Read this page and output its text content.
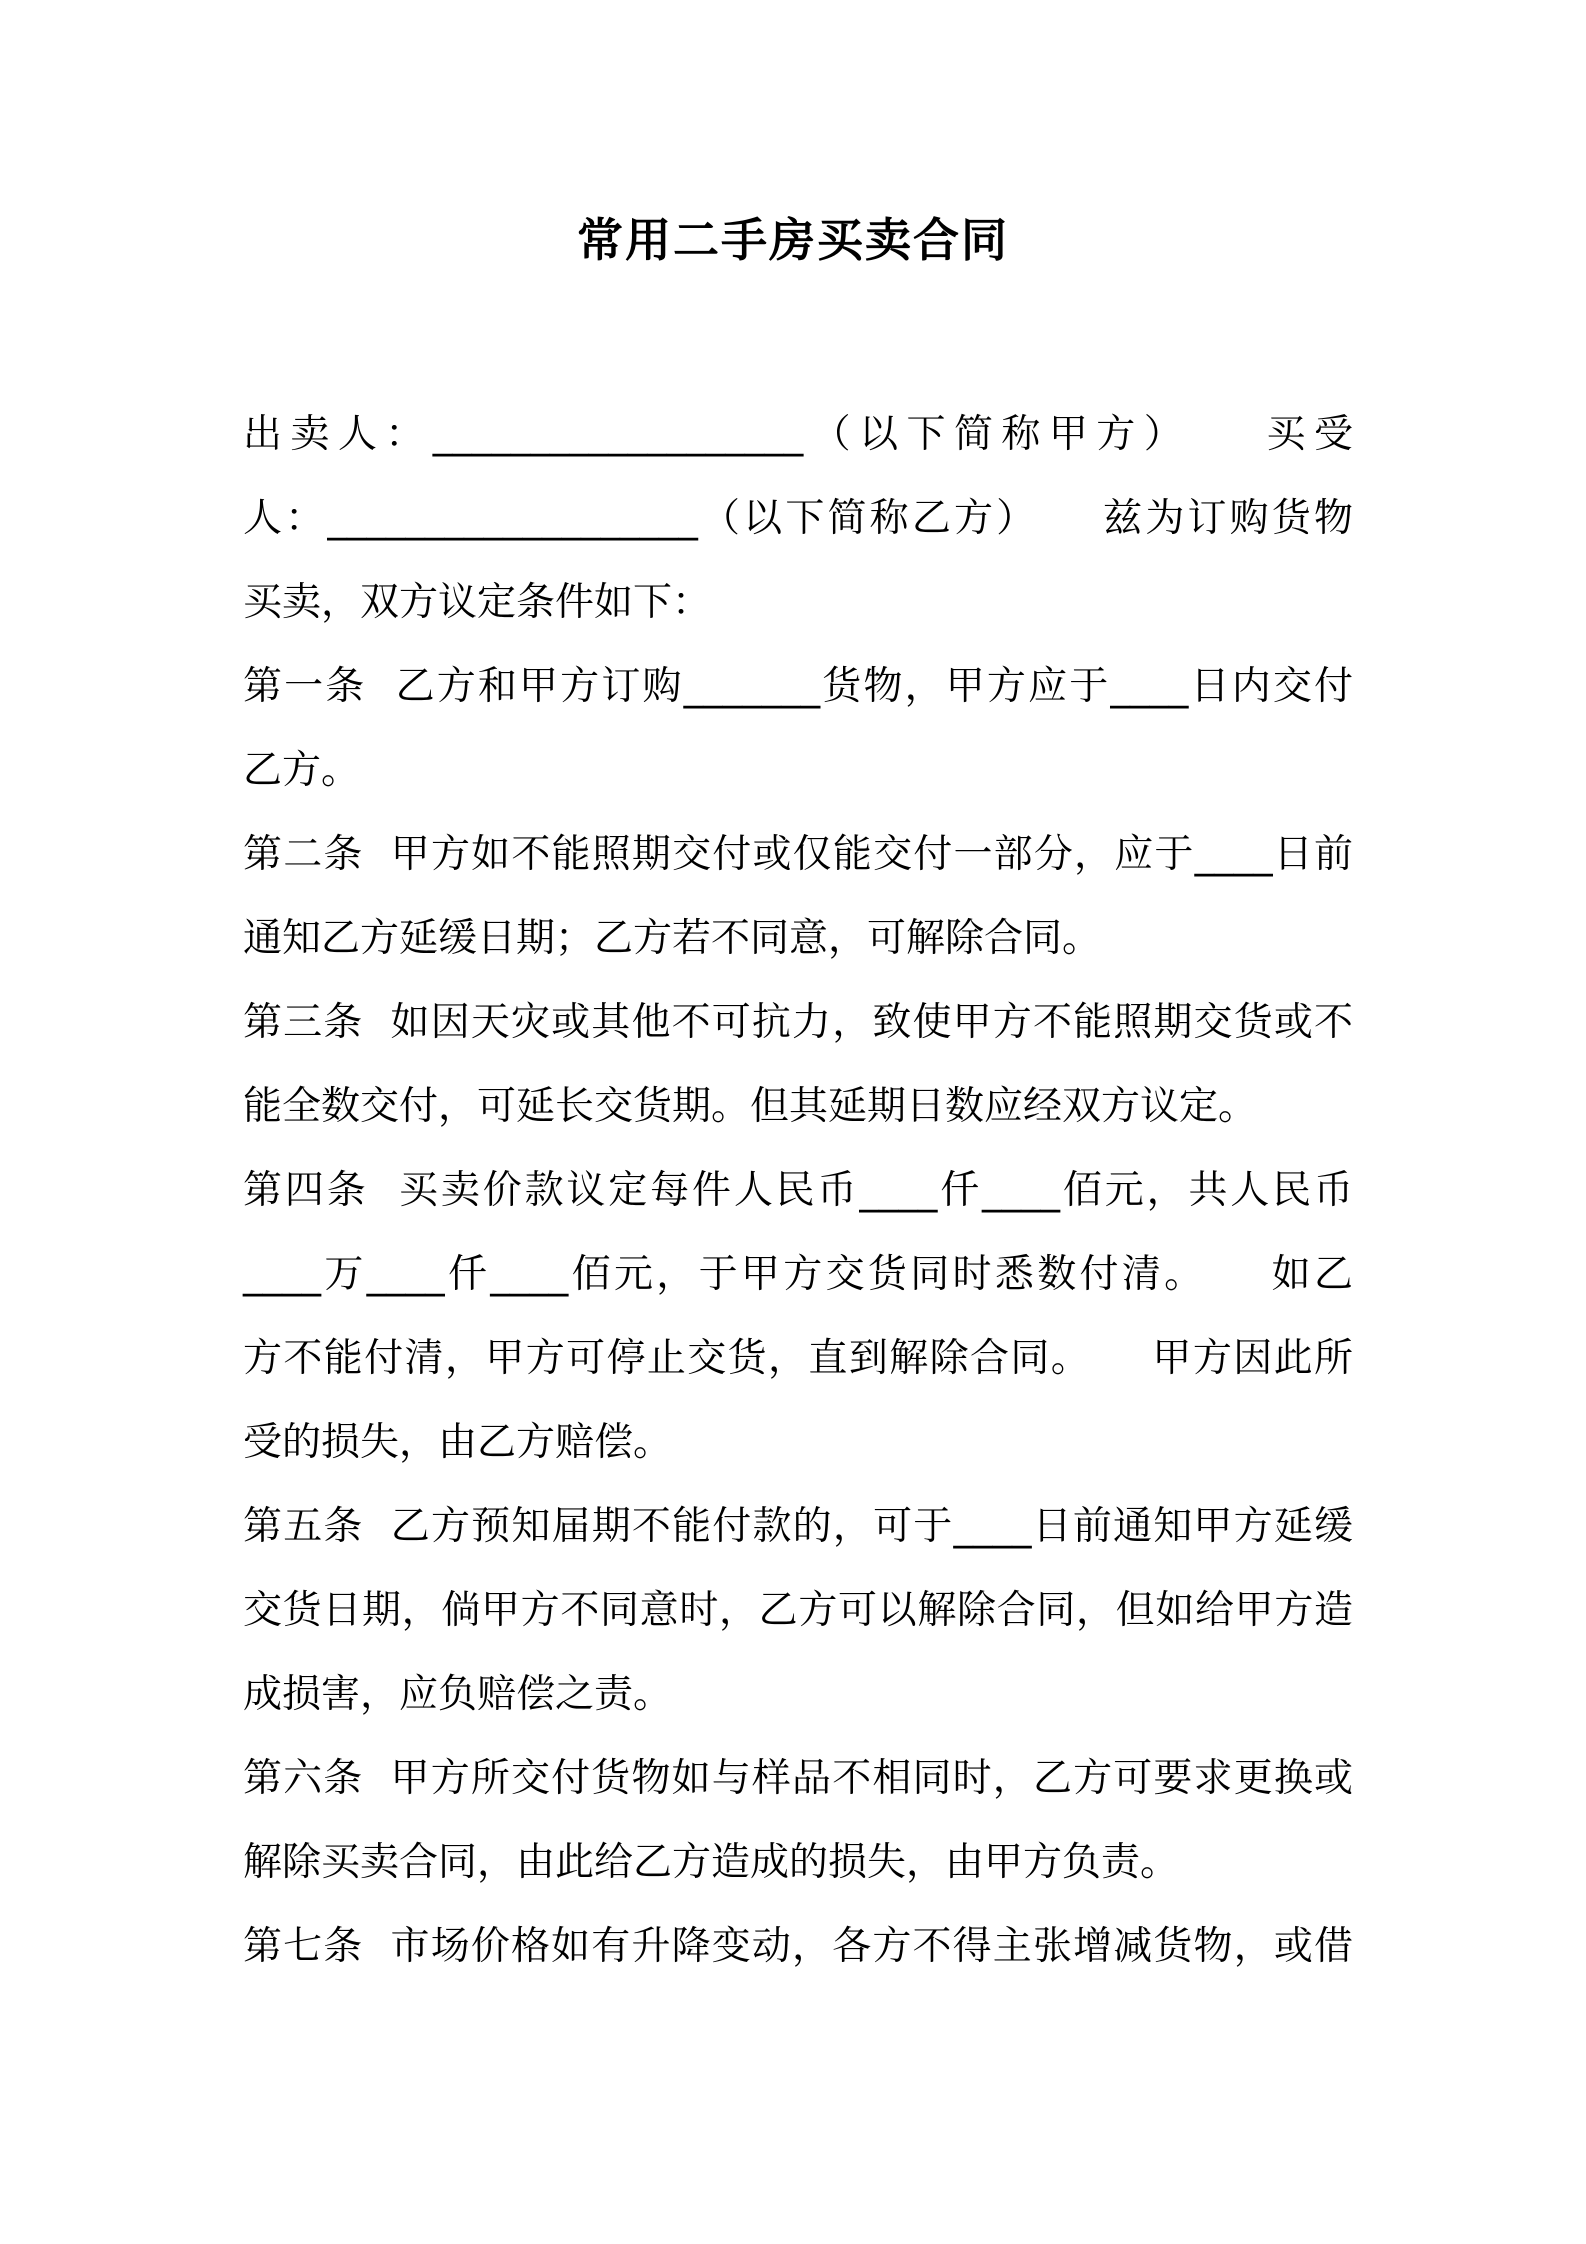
常用二手房买卖合同
出卖人：___________________（以下简称甲方）　　买受
人：___________________（以下简称乙方）　　兹为订购货物
买卖，双方议定条件如下：
第一条  乙方和甲方订购_______货物，甲方应于____日内交付
乙方。
第二条  甲方如不能照期交付或仅能交付一部分，应于____日前
通知乙方延缓日期；乙方若不同意，可解除合同。
第三条  如因天灾或其他不可抗力，致使甲方不能照期交货或不
能全数交付，可延长交货期。但其延期日数应经双方议定。
第四条  买卖价款议定每件人民币____仟____佰元，共人民币
____万____仟____佰元，于甲方交货同时悉数付清。　　如乙
方不能付清，甲方可停止交货，直到解除合同。　　甲方因此所
受的损失，由乙方赔偿。
第五条  乙方预知届期不能付款的，可于____日前通知甲方延缓
交货日期，倘甲方不同意时，乙方可以解除合同，但如给甲方造
成损害，应负赔偿之责。
第六条  甲方所交付货物如与样品不相同时，乙方可要求更换或
解除买卖合同，由此给乙方造成的损失，由甲方负责。
第七条  市场价格如有升降变动，各方不得主张增减货物，或借
